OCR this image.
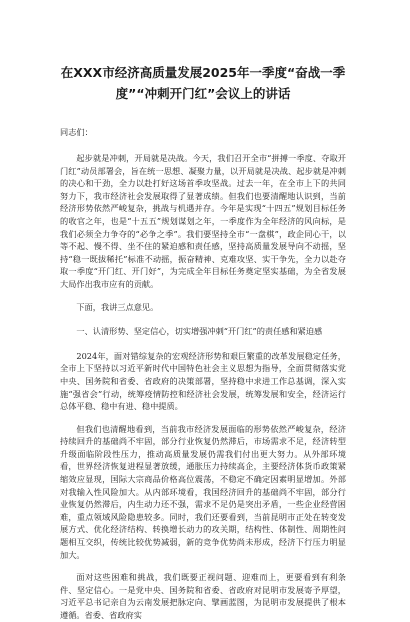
在XXX市经济高质量发展2025年一季度“奋战一季度”“冲刺开门红”会议上的讲话

同志们：

起步就是冲刺，开局就是决战。今天，我们召开全市“拼搏一季度、夺取开门红”动员部署会，旨在统一思想、凝聚力量，以开局就是决战、起步就是冲刺的决心和干劲，全力以赴打好这场首季攻坚战。过去一年，在全市上下的共同努力下，我市经济社会发展取得了显著成绩。但我们也要清醒地认识到，当前经济形势依然严峻复杂，挑战与机遇并存。今年是实现“十四五”规划目标任务的收官之年，也是“十五五”规划谋划之年，一季度作为全年经济的风向标，是我们必须全力争夺的“必争之季”。我们要坚持全市“一盘棋”，政企同心干，以等不起、慢不得、坐不住的紧迫感和责任感，坚持高质量发展导向不动摇，坚持“稳一既拔稀托”标准不动摇，振奋精神、克难攻坚、实干争先，全力以赴夺取一季度“开门红、开门好”，为完成全年目标任务奠定坚实基础，为全省发展大局作出我市应有的贡献。

下面，我讲三点意见。

一、认清形势、坚定信心，切实增强冲刺“开门红”的责任感和紧迫感

2024年，面对错综复杂的宏观经济形势和艰巨繁重的改革发展稳定任务，全市上下坚持以习近平新时代中国特色社会主义思想为指导，全面贯彻落实党中央、国务院和省委、省政府的决策部署，坚持稳中求进工作总基调，深入实施“强省会”行动，统筹疫情防控和经济社会发展，统筹发展和安全，经济运行总体平稳、稳中有进、稳中提质。

但我们也清醒地看到，当前我市经济发展面临的形势依然严峻复杂，经济持续回升的基础尚不牢固，部分行业恢复仍然滞后，市场需求不足，经济转型升级面临阶段性压力，推动高质量发展仍需我们付出更大努力。从外部环境看，世界经济恢复进程显著放缓，通胀压力持续高企，主要经济体货币政策紧缩效应显现，国际大宗商品价格高位震荡，不稳定不确定因素明显增加。外部对我输入性风险加大。从内部环境看，我国经济回升的基础尚不牢固，部分行业恢复仍然滞后，内生动力还不强，需求不足仍是突出矛盾，一些企业经营困难，重点领域风险隐患较多。同时，我们还要看到，当前昆明市正处在转变发展方式、优化经济结构、转换增长动力的攻关期，结构性、体制性、周期性问题相互交织，传统比较优势减弱，新的竞争优势尚未形成，经济下行压力明显加大。

面对这些困难和挑战，我们既要正视问题、迎难而上，更要看到有利条件、坚定信心。一是党中央、国务院和省委、省政府对昆明市发展寄予厚望，习近平总书记亲自为云南发展把脉定向、擘画蓝图，为昆明市发展提供了根本遵循。省委、省政府实
